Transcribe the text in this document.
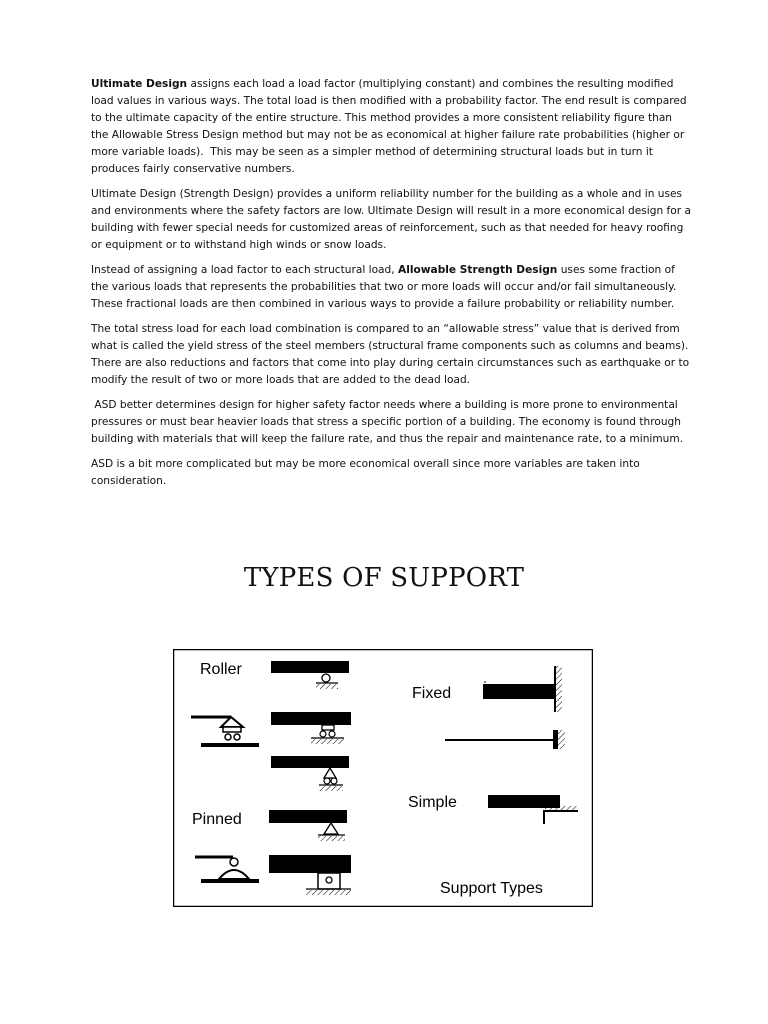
Ultimate Design assigns each load a load factor (multiplying constant) and combines the resulting modified load values in various ways. The total load is then modified with a probability factor. The end result is compared to the ultimate capacity of the entire structure. This method provides a more consistent reliability figure than the Allowable Stress Design method but may not be as economical at higher failure rate probabilities (higher or more variable loads).  This may be seen as a simpler method of determining structural loads but in turn it produces fairly conservative numbers.

Ultimate Design (Strength Design) provides a uniform reliability number for the building as a whole and in uses and environments where the safety factors are low. Ultimate Design will result in a more economical design for a building with fewer special needs for customized areas of reinforcement, such as that needed for heavy roofing or equipment or to withstand high winds or snow loads.

Instead of assigning a load factor to each structural load, Allowable Strength Design uses some fraction of the various loads that represents the probabilities that two or more loads will occur and/or fail simultaneously. These fractional loads are then combined in various ways to provide a failure probability or reliability number.

The total stress load for each load combination is compared to an “allowable stress” value that is derived from what is called the yield stress of the steel members (structural frame components such as columns and beams). There are also reductions and factors that come into play during certain circumstances such as earthquake or to modify the result of two or more loads that are added to the dead load.

ASD better determines design for higher safety factor needs where a building is more prone to environmental pressures or must bear heavier loads that stress a specific portion of a building. The economy is found through building with materials that will keep the failure rate, and thus the repair and maintenance rate, to a minimum.

ASD is a bit more complicated but may be more economical overall since more variables are taken into consideration.

TYPES OF SUPPORT
Roller
Pinned
Fixed
Simple
Support Types
